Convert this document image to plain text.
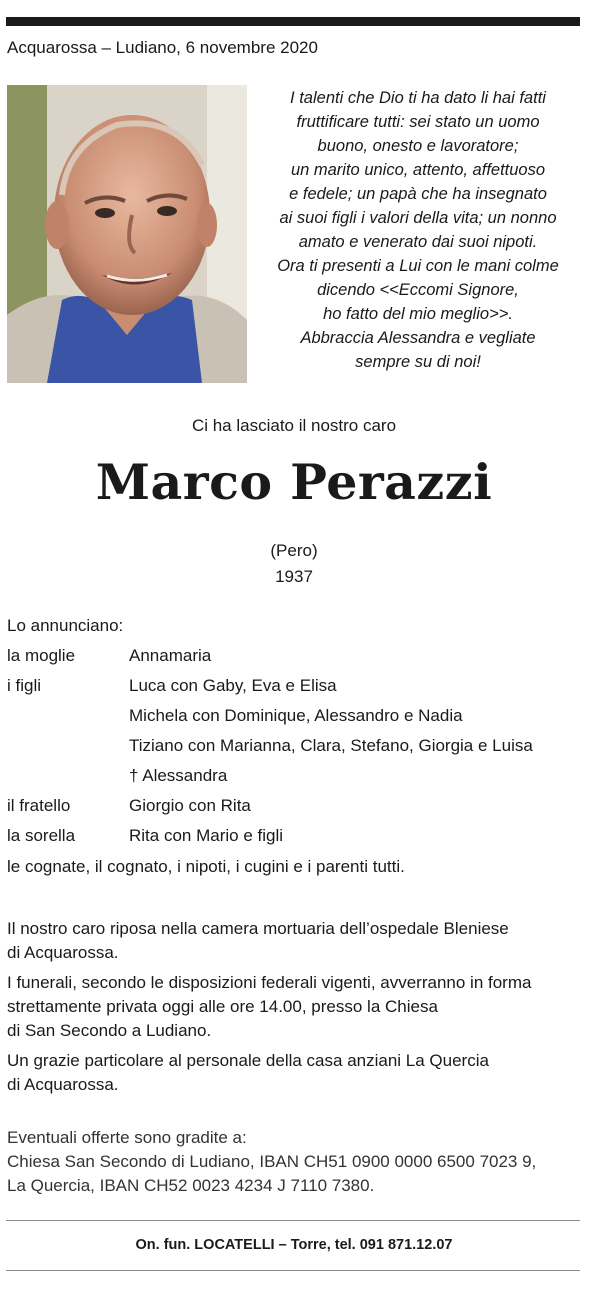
Acquarossa – Ludiano, 6 novembre 2020
I talenti che Dio ti ha dato li hai fatti
fruttificare tutti: sei stato un uomo
buono, onesto e lavoratore;
un marito unico, attento, affettuoso
e fedele; un papà che ha insegnato
ai suoi figli i valori della vita; un nonno
amato e venerato dai suoi nipoti.
Ora ti presenti a Lui con le mani colme
dicendo <<Eccomi Signore,
ho fatto del mio meglio>>.
Abbraccia Alessandra e vegliate
sempre su di noi!
Ci ha lasciato il nostro caro
Marco Perazzi
(Pero)
1937
Lo annunciano:
la moglie	Annamaria
i figli	Luca con Gaby, Eva e Elisa
Michela con Dominique, Alessandro e Nadia
Tiziano con Marianna, Clara, Stefano, Giorgia e Luisa
† Alessandra
il fratello	Giorgio con Rita
la sorella	Rita con Mario e figli
le cognate, il cognato, i nipoti, i cugini e i parenti tutti.
Il nostro caro riposa nella camera mortuaria dell’ospedale Bleniese
di Acquarossa.
I funerali, secondo le disposizioni federali vigenti, avverranno in forma
strettamente privata oggi alle ore 14.00, presso la Chiesa
di San Secondo a Ludiano.
Un grazie particolare al personale della casa anziani La Quercia
di Acquarossa.
Eventuali offerte sono gradite a:
Chiesa San Secondo di Ludiano, IBAN CH51 0900 0000 6500 7023 9,
La Quercia, IBAN CH52 0023 4234 J 7110 7380.
On. fun. LOCATELLI – Torre, tel. 091 871.12.07
